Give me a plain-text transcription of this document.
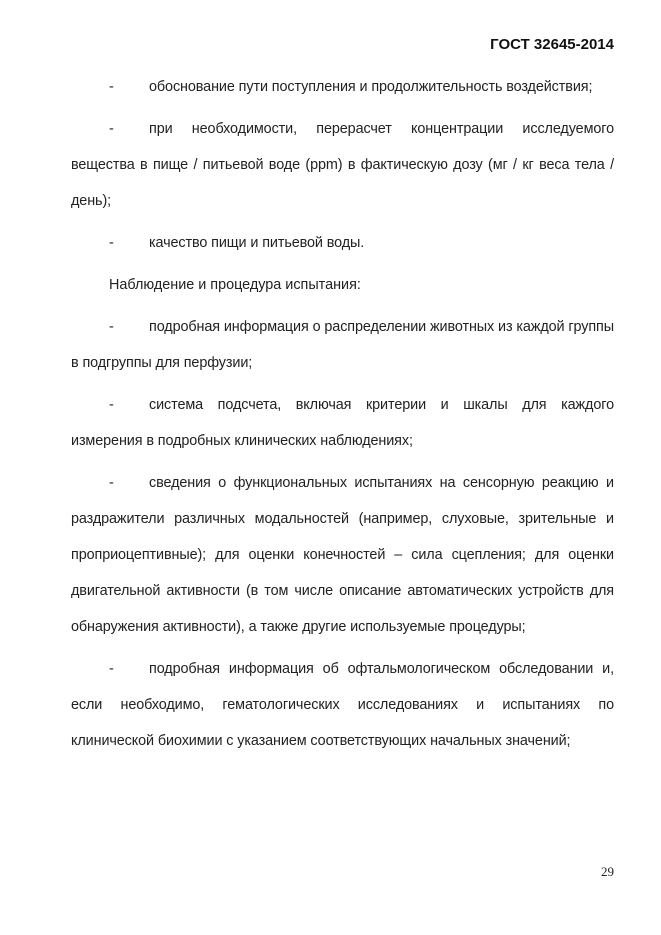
ГОСТ 32645-2014

- обоснование пути поступления и продолжительность воздействия;

- при необходимости, перерасчет концентрации исследуемого вещества в пище / питьевой воде (ppm) в фактическую дозу (мг / кг веса тела / день);

- качество пищи и питьевой воды.

Наблюдение и процедура испытания:

- подробная информация о распределении животных из каждой группы в подгруппы для перфузии;

- система подсчета, включая критерии и шкалы для каждого измерения в подробных клинических наблюдениях;

- сведения о функциональных испытаниях на сенсорную реакцию и раздражители различных модальностей (например, слуховые, зрительные и проприоцептивные); для оценки конечностей – сила сцепления; для оценки двигательной активности (в том числе описание автоматических устройств для обнаружения активности), а также другие используемые процедуры;

- подробная информация об офтальмологическом обследовании и, если необходимо, гематологических исследованиях и испытаниях по клинической биохимии с указанием соответствующих начальных значений;

29
